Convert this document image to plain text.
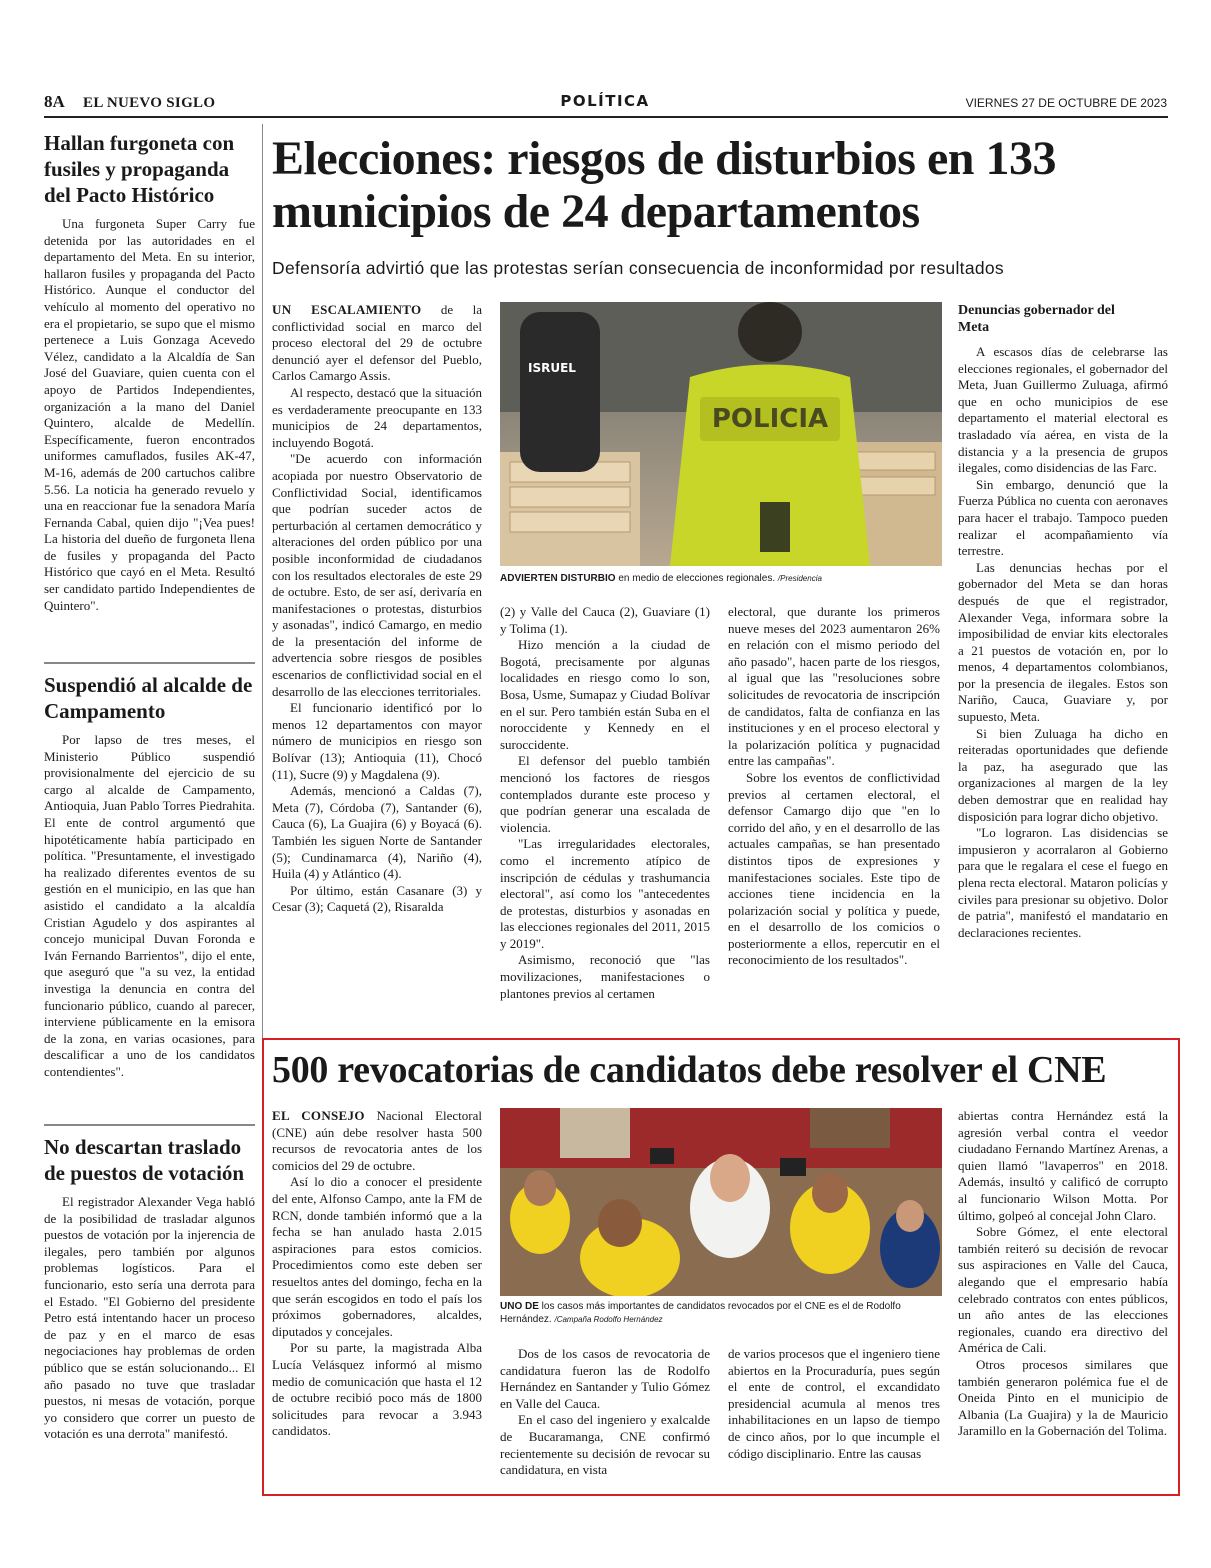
8A EL NUEVO SIGLO	POLÍTICA	VIERNES 27 DE OCTUBRE DE 2023
Hallan furgoneta con fusiles y propaganda del Pacto Histórico

Una furgoneta Super Carry fue detenida por las autoridades en el departamento del Meta. En su interior, hallaron fusiles y propaganda del Pacto Histórico. Aunque el conductor del vehículo al momento del operativo no era el propietario, se supo que el mismo pertenece a Luis Gonzaga Acevedo Vélez, candidato a la Alcaldía de San José del Guaviare, quien cuenta con el apoyo de Partidos Independientes, organización a la mano del Daniel Quintero, alcalde de Medellín. Específicamente, fueron encontrados uniformes camuflados, fusiles AK-47, M-16, además de 200 cartuchos calibre 5.56. La noticia ha generado revuelo y una en reaccionar fue la senadora María Fernanda Cabal, quien dijo "¡Vea pues! La historia del dueño de furgoneta llena de fusiles y propaganda del Pacto Histórico que cayó en el Meta. Resultó ser candidato partido Independientes de Quintero".

Suspendió al alcalde de Campamento

Por lapso de tres meses, el Ministerio Público suspendió provisionalmente del ejercicio de su cargo al alcalde de Campamento, Antioquia, Juan Pablo Torres Piedrahita. El ente de control argumentó que hipotéticamente había participado en política. "Presuntamente, el investigado ha realizado diferentes eventos de su gestión en el municipio, en las que han asistido el candidato a la alcaldía Cristian Agudelo y dos aspirantes al concejo municipal Duvan Foronda e Iván Fernando Barrientos", dijo el ente, que aseguró que "a su vez, la entidad investiga la denuncia en contra del funcionario público, cuando al parecer, interviene públicamente en la emisora de la zona, en varias ocasiones, para descalificar a uno de los candidatos contendientes".

No descartan traslado de puestos de votación

El registrador Alexander Vega habló de la posibilidad de trasladar algunos puestos de votación por la injerencia de ilegales, pero también por algunos problemas logísticos. Para el funcionario, esto sería una derrota para el Estado. "El Gobierno del presidente Petro está intentando hacer un proceso de paz y en el marco de esas negociaciones hay problemas de orden público que se están solucionando... El año pasado no tuve que trasladar puestos, ni mesas de votación, porque yo considero que correr un puesto de votación es una derrota" manifestó.

Elecciones: riesgos de disturbios en 133 municipios de 24 departamentos
Defensoría advirtió que las protestas serían consecuencia de inconformidad por resultados

UN ESCALAMIENTO de la conflictividad social en marco del proceso electoral del 29 de octubre denunció ayer el defensor del Pueblo, Carlos Camargo Assis.

Al respecto, destacó que la situación es verdaderamente preocupante en 133 municipios de 24 departamentos, incluyendo Bogotá.

"De acuerdo con información acopiada por nuestro Observatorio de Conflictividad Social, identificamos que podrían suceder actos de perturbación al certamen democrático y alteraciones del orden público por una posible inconformidad de ciudadanos con los resultados electorales de este 29 de octubre. Esto, de ser así, derivaría en manifestaciones o protestas, disturbios y asonadas", indicó Camargo, en medio de la presentación del informe de advertencia sobre riesgos de posibles escenarios de conflictividad social en el desarrollo de las elecciones territoriales.

El funcionario identificó por lo menos 12 departamentos con mayor número de municipios en riesgo son Bolívar (13); Antioquia (11), Chocó (11), Sucre (9) y Magdalena (9).

Además, mencionó a Caldas (7), Meta (7), Córdoba (7), Santander (6), Cauca (6), La Guajira (6) y Boyacá (6). También les siguen Norte de Santander (5); Cundinamarca (4), Nariño (4), Huila (4) y Atlántico (4).

Por último, están Casanare (3) y Cesar (3); Caquetá (2), Risaralda

ISRUEL
POLICIA
ADVIERTEN DISTURBIO en medio de elecciones regionales. /Presidencia

(2) y Valle del Cauca (2), Guaviare (1) y Tolima (1).

Hizo mención a la ciudad de Bogotá, precisamente por algunas localidades en riesgo como lo son, Bosa, Usme, Sumapaz y Ciudad Bolívar en el sur. Pero también están Suba en el noroccidente y Kennedy en el suroccidente.

El defensor del pueblo también mencionó los factores de riesgos contemplados durante este proceso y que podrían generar una escalada de violencia.

"Las irregularidades electorales, como el incremento atípico de inscripción de cédulas y trashumancia electoral", así como los "antecedentes de protestas, disturbios y asonadas en las elecciones regionales del 2011, 2015 y 2019".

Asimismo, reconoció que "las movilizaciones, manifestaciones o plantones previos al certamen

electoral, que durante los primeros nueve meses del 2023 aumentaron 26% en relación con el mismo periodo del año pasado", hacen parte de los riesgos, al igual que las "resoluciones sobre solicitudes de revocatoria de inscripción de candidatos, falta de confianza en las instituciones y en el proceso electoral y la polarización política y pugnacidad entre las campañas".

Sobre los eventos de conflictividad previos al certamen electoral, el defensor Camargo dijo que "en lo corrido del año, y en el desarrollo de las actuales campañas, se han presentado distintos tipos de expresiones y manifestaciones sociales. Este tipo de acciones tiene incidencia en la polarización social y política y puede, en el desarrollo de los comicios o posteriormente a ellos, repercutir en el reconocimiento de los resultados".

Denuncias gobernador del Meta

A escasos días de celebrarse las elecciones regionales, el gobernador del Meta, Juan Guillermo Zuluaga, afirmó que en ocho municipios de ese departamento el material electoral es trasladado vía aérea, en vista de la distancia y a la presencia de grupos ilegales, como disidencias de las Farc.

Sin embargo, denunció que la Fuerza Pública no cuenta con aeronaves para hacer el trabajo. Tampoco pueden realizar el acompañamiento vía terrestre.

Las denuncias hechas por el gobernador del Meta se dan horas después de que el registrador, Alexander Vega, informara sobre la imposibilidad de enviar kits electorales a 21 puestos de votación en, por lo menos, 4 departamentos colombianos, por la presencia de ilegales. Estos son Nariño, Cauca, Guaviare y, por supuesto, Meta.

Si bien Zuluaga ha dicho en reiteradas oportunidades que defiende la paz, ha asegurado que las organizaciones al margen de la ley deben demostrar que en realidad hay disposición para lograr dicho objetivo.

"Lo lograron. Las disidencias se impusieron y acorralaron al Gobierno para que le regalara el cese el fuego en plena recta electoral. Mataron policías y civiles para presionar su objetivo. Dolor de patria", manifestó el mandatario en declaraciones recientes.

500 revocatorias de candidatos debe resolver el CNE

EL CONSEJO Nacional Electoral (CNE) aún debe resolver hasta 500 recursos de revocatoria antes de los comicios del 29 de octubre.

Así lo dio a conocer el presidente del ente, Alfonso Campo, ante la FM de RCN, donde también informó que a la fecha se han anulado hasta 2.015 aspiraciones para estos comicios. Procedimientos como este deben ser resueltos antes del domingo, fecha en la que serán escogidos en todo el país los próximos gobernadores, alcaldes, diputados y concejales.

Por su parte, la magistrada Alba Lucía Velásquez informó al mismo medio de comunicación que hasta el 12 de octubre recibió poco más de 1800 solicitudes para revocar a 3.943 candidatos.

UNO DE los casos más importantes de candidatos revocados por el CNE es el de Rodolfo Hernández. /Campaña Rodolfo Hernández

Dos de los casos de revocatoria de candidatura fueron las de Rodolfo Hernández en Santander y Tulio Gómez en Valle del Cauca.

En el caso del ingeniero y exalcalde de Bucaramanga, CNE confirmó recientemente su decisión de revocar su candidatura, en vista

de varios procesos que el ingeniero tiene abiertos en la Procuraduría, pues según el ente de control, el excandidato presidencial acumula al menos tres inhabilitaciones en un lapso de tiempo de cinco años, por lo que incumple el código disciplinario. Entre las causas

abiertas contra Hernández está la agresión verbal contra el veedor ciudadano Fernando Martínez Arenas, a quien llamó "lavaperros" en 2018. Además, insultó y calificó de corrupto al funcionario Wilson Motta. Por último, golpeó al concejal John Claro.

Sobre Gómez, el ente electoral también reiteró su decisión de revocar sus aspiraciones en Valle del Cauca, alegando que el empresario había celebrado contratos con entes públicos, un año antes de las elecciones regionales, cuando era directivo del América de Cali.

Otros procesos similares que también generaron polémica fue el de Oneida Pinto en el municipio de Albania (La Guajira) y la de Mauricio Jaramillo en la Gobernación del Tolima.
